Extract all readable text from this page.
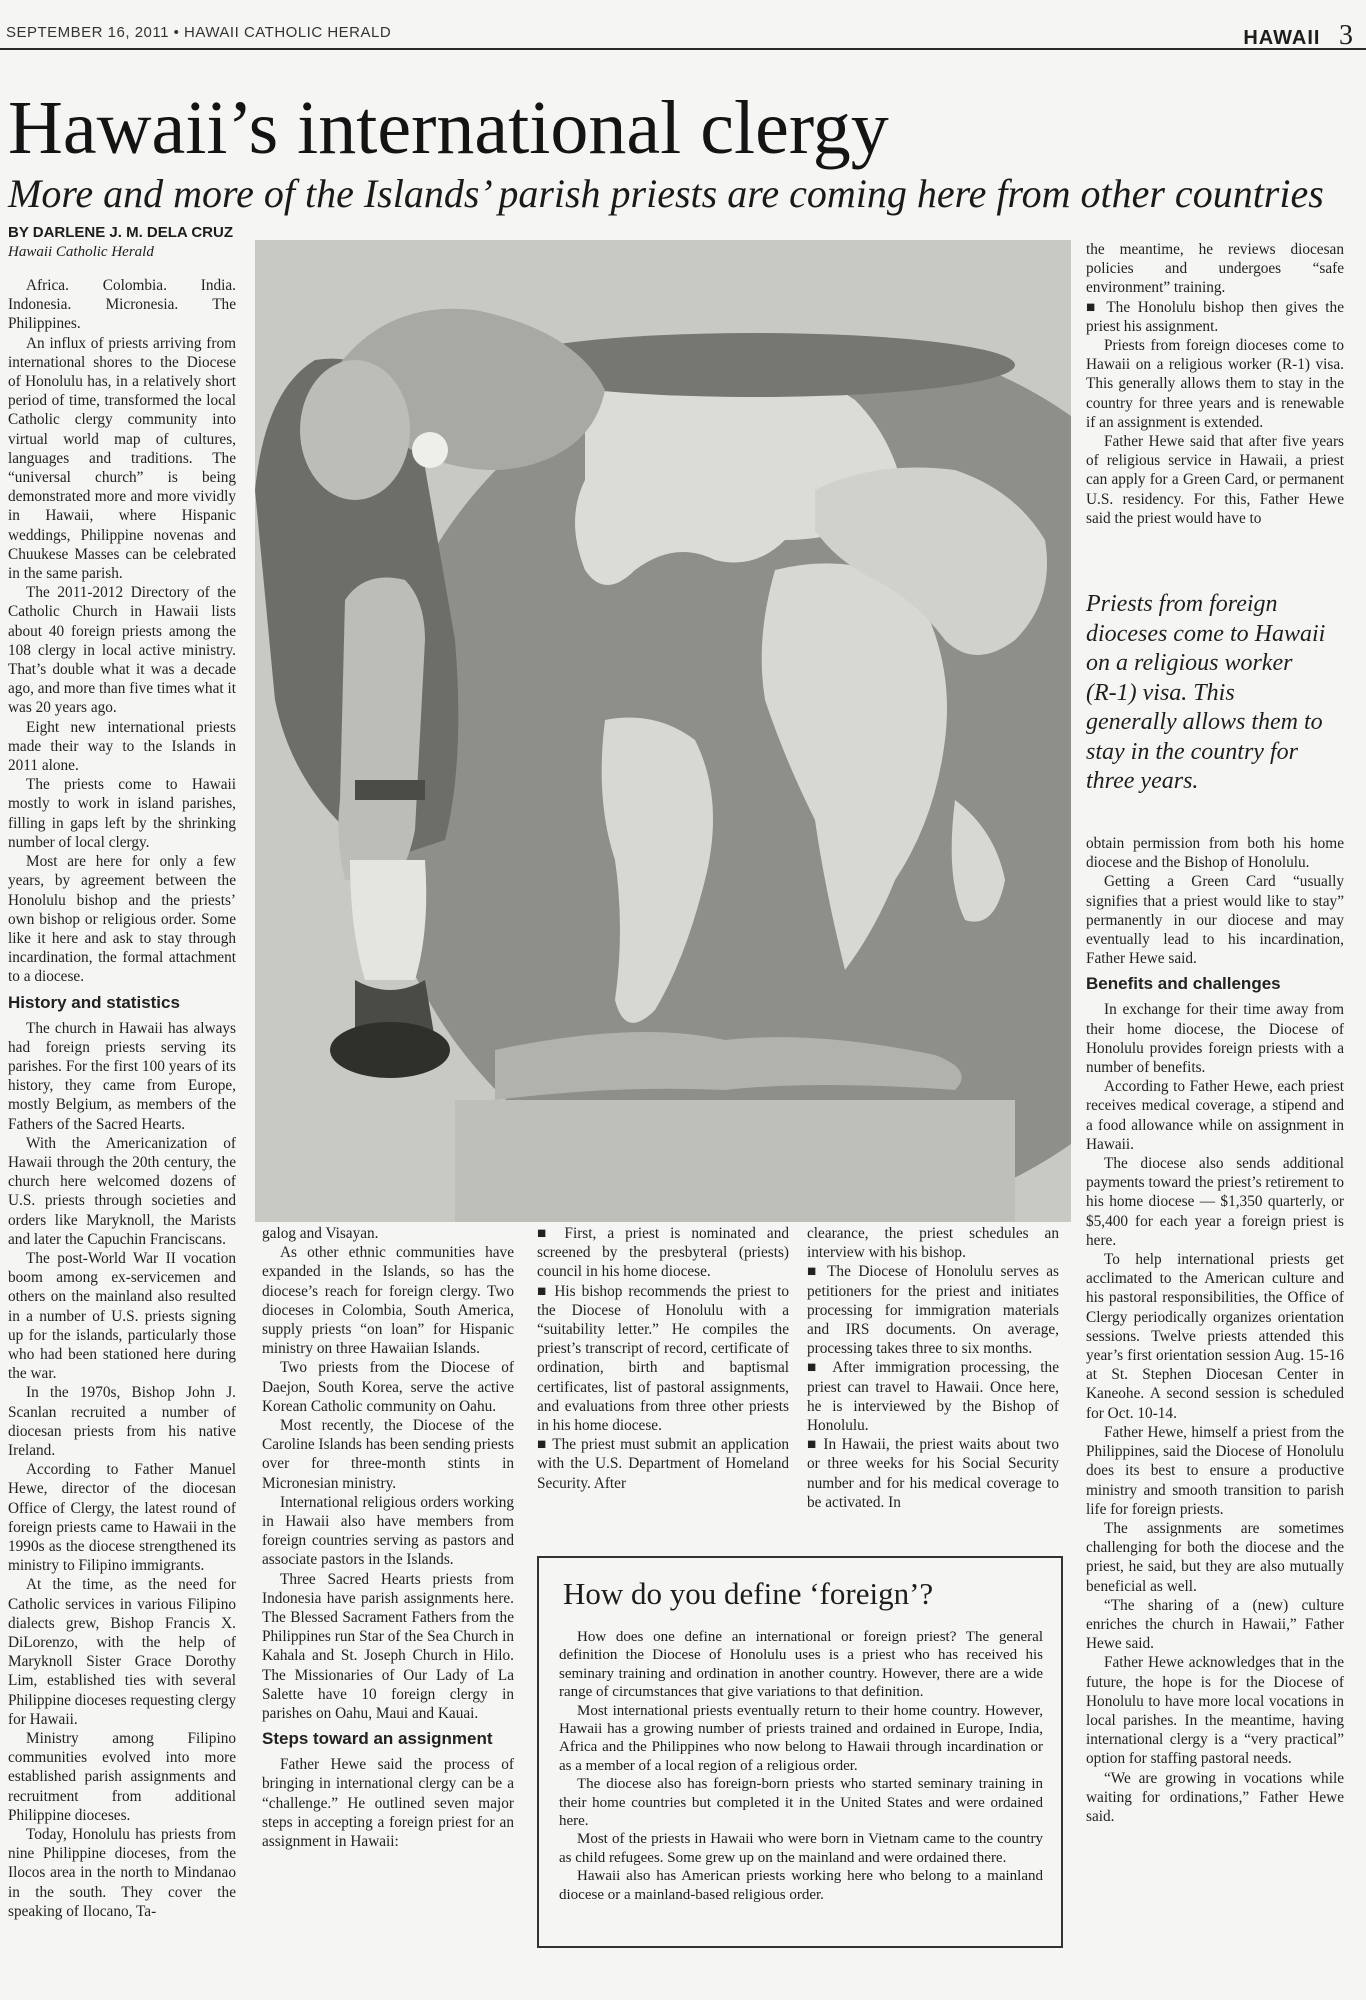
SEPTEMBER 16, 2011 • HAWAII CATHOLIC HERALD	HAWAII 3
Hawaii’s international clergy
More and more of the Islands’ parish priests are coming here from other countries
BY DARLENE J. M. DELA CRUZ
Hawaii Catholic Herald

Africa. Colombia. India. Indonesia. Micronesia. The Philippines.

An influx of priests arriving from international shores to the Diocese of Honolulu has, in a relatively short period of time, transformed the local Catholic clergy community into virtual world map of cultures, languages and traditions. The “universal church” is being demonstrated more and more vividly in Hawaii, where Hispanic weddings, Philippine novenas and Chuukese Masses can be celebrated in the same parish.

The 2011-2012 Directory of the Catholic Church in Hawaii lists about 40 foreign priests among the 108 clergy in local active ministry. That’s double what it was a decade ago, and more than five times what it was 20 years ago.

Eight new international priests made their way to the Islands in 2011 alone.

The priests come to Hawaii mostly to work in island parishes, filling in gaps left by the shrinking number of local clergy.

Most are here for only a few years, by agreement between the Honolulu bishop and the priests’ own bishop or religious order. Some like it here and ask to stay through incardination, the formal attachment to a diocese.

History and statistics

The church in Hawaii has always had foreign priests serving its parishes. For the first 100 years of its history, they came from Europe, mostly Belgium, as members of the Fathers of the Sacred Hearts.

With the Americanization of Hawaii through the 20th century, the church here welcomed dozens of U.S. priests through societies and orders like Maryknoll, the Marists and later the Capuchin Franciscans.

The post-World War II vocation boom among ex-servicemen and others on the mainland also resulted in a number of U.S. priests signing up for the islands, particularly those who had been stationed here during the war.

In the 1970s, Bishop John J. Scanlan recruited a number of diocesan priests from his native Ireland.

According to Father Manuel Hewe, director of the diocesan Office of Clergy, the latest round of foreign priests came to Hawaii in the 1990s as the diocese strengthened its ministry to Filipino immigrants.

At the time, as the need for Catholic services in various Filipino dialects grew, Bishop Francis X. DiLorenzo, with the help of Maryknoll Sister Grace Dorothy Lim, established ties with several Philippine dioceses requesting clergy for Hawaii.

Ministry among Filipino communities evolved into more established parish assignments and recruitment from additional Philippine dioceses.

Today, Honolulu has priests from nine Philippine dioceses, from the Ilocos area in the north to Mindanao in the south. They cover the speaking of Ilocano, Ta-

galog and Visayan.

As other ethnic communities have expanded in the Islands, so has the diocese’s reach for foreign clergy. Two dioceses in Colombia, South America, supply priests “on loan” for Hispanic ministry on three Hawaiian Islands.

Two priests from the Diocese of Daejon, South Korea, serve the active Korean Catholic community on Oahu.

Most recently, the Diocese of the Caroline Islands has been sending priests over for three-month stints in Micronesian ministry.

International religious orders working in Hawaii also have members from foreign countries serving as pastors and associate pastors in the Islands.

Three Sacred Hearts priests from Indonesia have parish assignments here. The Blessed Sacrament Fathers from the Philippines run Star of the Sea Church in Kahala and St. Joseph Church in Hilo. The Missionaries of Our Lady of La Salette have 10 foreign clergy in parishes on Oahu, Maui and Kauai.

Steps toward an assignment

Father Hewe said the process of bringing in international clergy can be a “challenge.” He outlined seven major steps in accepting a foreign priest for an assignment in Hawaii:

■ First, a priest is nominated and screened by the presbyteral (priests) council in his home diocese.

■ His bishop recommends the priest to the Diocese of Honolulu with a “suitability letter.” He compiles the priest’s transcript of record, certificate of ordination, birth and baptismal certificates, list of pastoral assignments, and evaluations from three other priests in his home diocese.

■ The priest must submit an application with the U.S. Department of Homeland Security. After

clearance, the priest schedules an interview with his bishop.

■ The Diocese of Honolulu serves as petitioners for the priest and initiates processing for immigration materials and IRS documents. On average, processing takes three to six months.

■ After immigration processing, the priest can travel to Hawaii. Once here, he is interviewed by the Bishop of Honolulu.

■ In Hawaii, the priest waits about two or three weeks for his Social Security number and for his medical coverage to be activated. In

the meantime, he reviews diocesan policies and undergoes “safe environment” training.

■ The Honolulu bishop then gives the priest his assignment.

Priests from foreign dioceses come to Hawaii on a religious worker (R-1) visa. This generally allows them to stay in the country for three years and is renewable if an assignment is extended.

Father Hewe said that after five years of religious service in Hawaii, a priest can apply for a Green Card, or permanent U.S. residency. For this, Father Hewe said the priest would have to

Priests from foreign dioceses come to Hawaii on a religious worker (R-1) visa. This generally allows them to stay in the country for three years.

obtain permission from both his home diocese and the Bishop of Honolulu.

Getting a Green Card “usually signifies that a priest would like to stay” permanently in our diocese and may eventually lead to his incardination, Father Hewe said.

Benefits and challenges

In exchange for their time away from their home diocese, the Diocese of Honolulu provides foreign priests with a number of benefits.

According to Father Hewe, each priest receives medical coverage, a stipend and a food allowance while on assignment in Hawaii.

The diocese also sends additional payments toward the priest’s retirement to his home diocese — $1,350 quarterly, or $5,400 for each year a foreign priest is here.

To help international priests get acclimated to the American culture and his pastoral responsibilities, the Office of Clergy periodically organizes orientation sessions. Twelve priests attended this year’s first orientation session Aug. 15-16 at St. Stephen Diocesan Center in Kaneohe. A second session is scheduled for Oct. 10-14.

Father Hewe, himself a priest from the Philippines, said the Diocese of Honolulu does its best to ensure a productive ministry and smooth transition to parish life for foreign priests.

The assignments are sometimes challenging for both the diocese and the priest, he said, but they are also mutually beneficial as well.

“The sharing of a (new) culture enriches the church in Hawaii,” Father Hewe said.

Father Hewe acknowledges that in the future, the hope is for the Diocese of Honolulu to have more local vocations in local parishes. In the meantime, having international clergy is a “very practical” option for staffing pastoral needs.

“We are growing in vocations while waiting for ordinations,” Father Hewe said.

How do you define ‘foreign’?

How does one define an international or foreign priest? The general definition the Diocese of Honolulu uses is a priest who has received his seminary training and ordination in another country. However, there are a wide range of circumstances that give variations to that definition.

Most international priests eventually return to their home country. However, Hawaii has a growing number of priests trained and ordained in Europe, India, Africa and the Philippines who now belong to Hawaii through incardination or as a member of a local region of a religious order.

The diocese also has foreign-born priests who started seminary training in their home countries but completed it in the United States and were ordained here.

Most of the priests in Hawaii who were born in Vietnam came to the country as child refugees. Some grew up on the mainland and were ordained there.

Hawaii also has American priests working here who belong to a mainland diocese or a mainland-based religious order.
